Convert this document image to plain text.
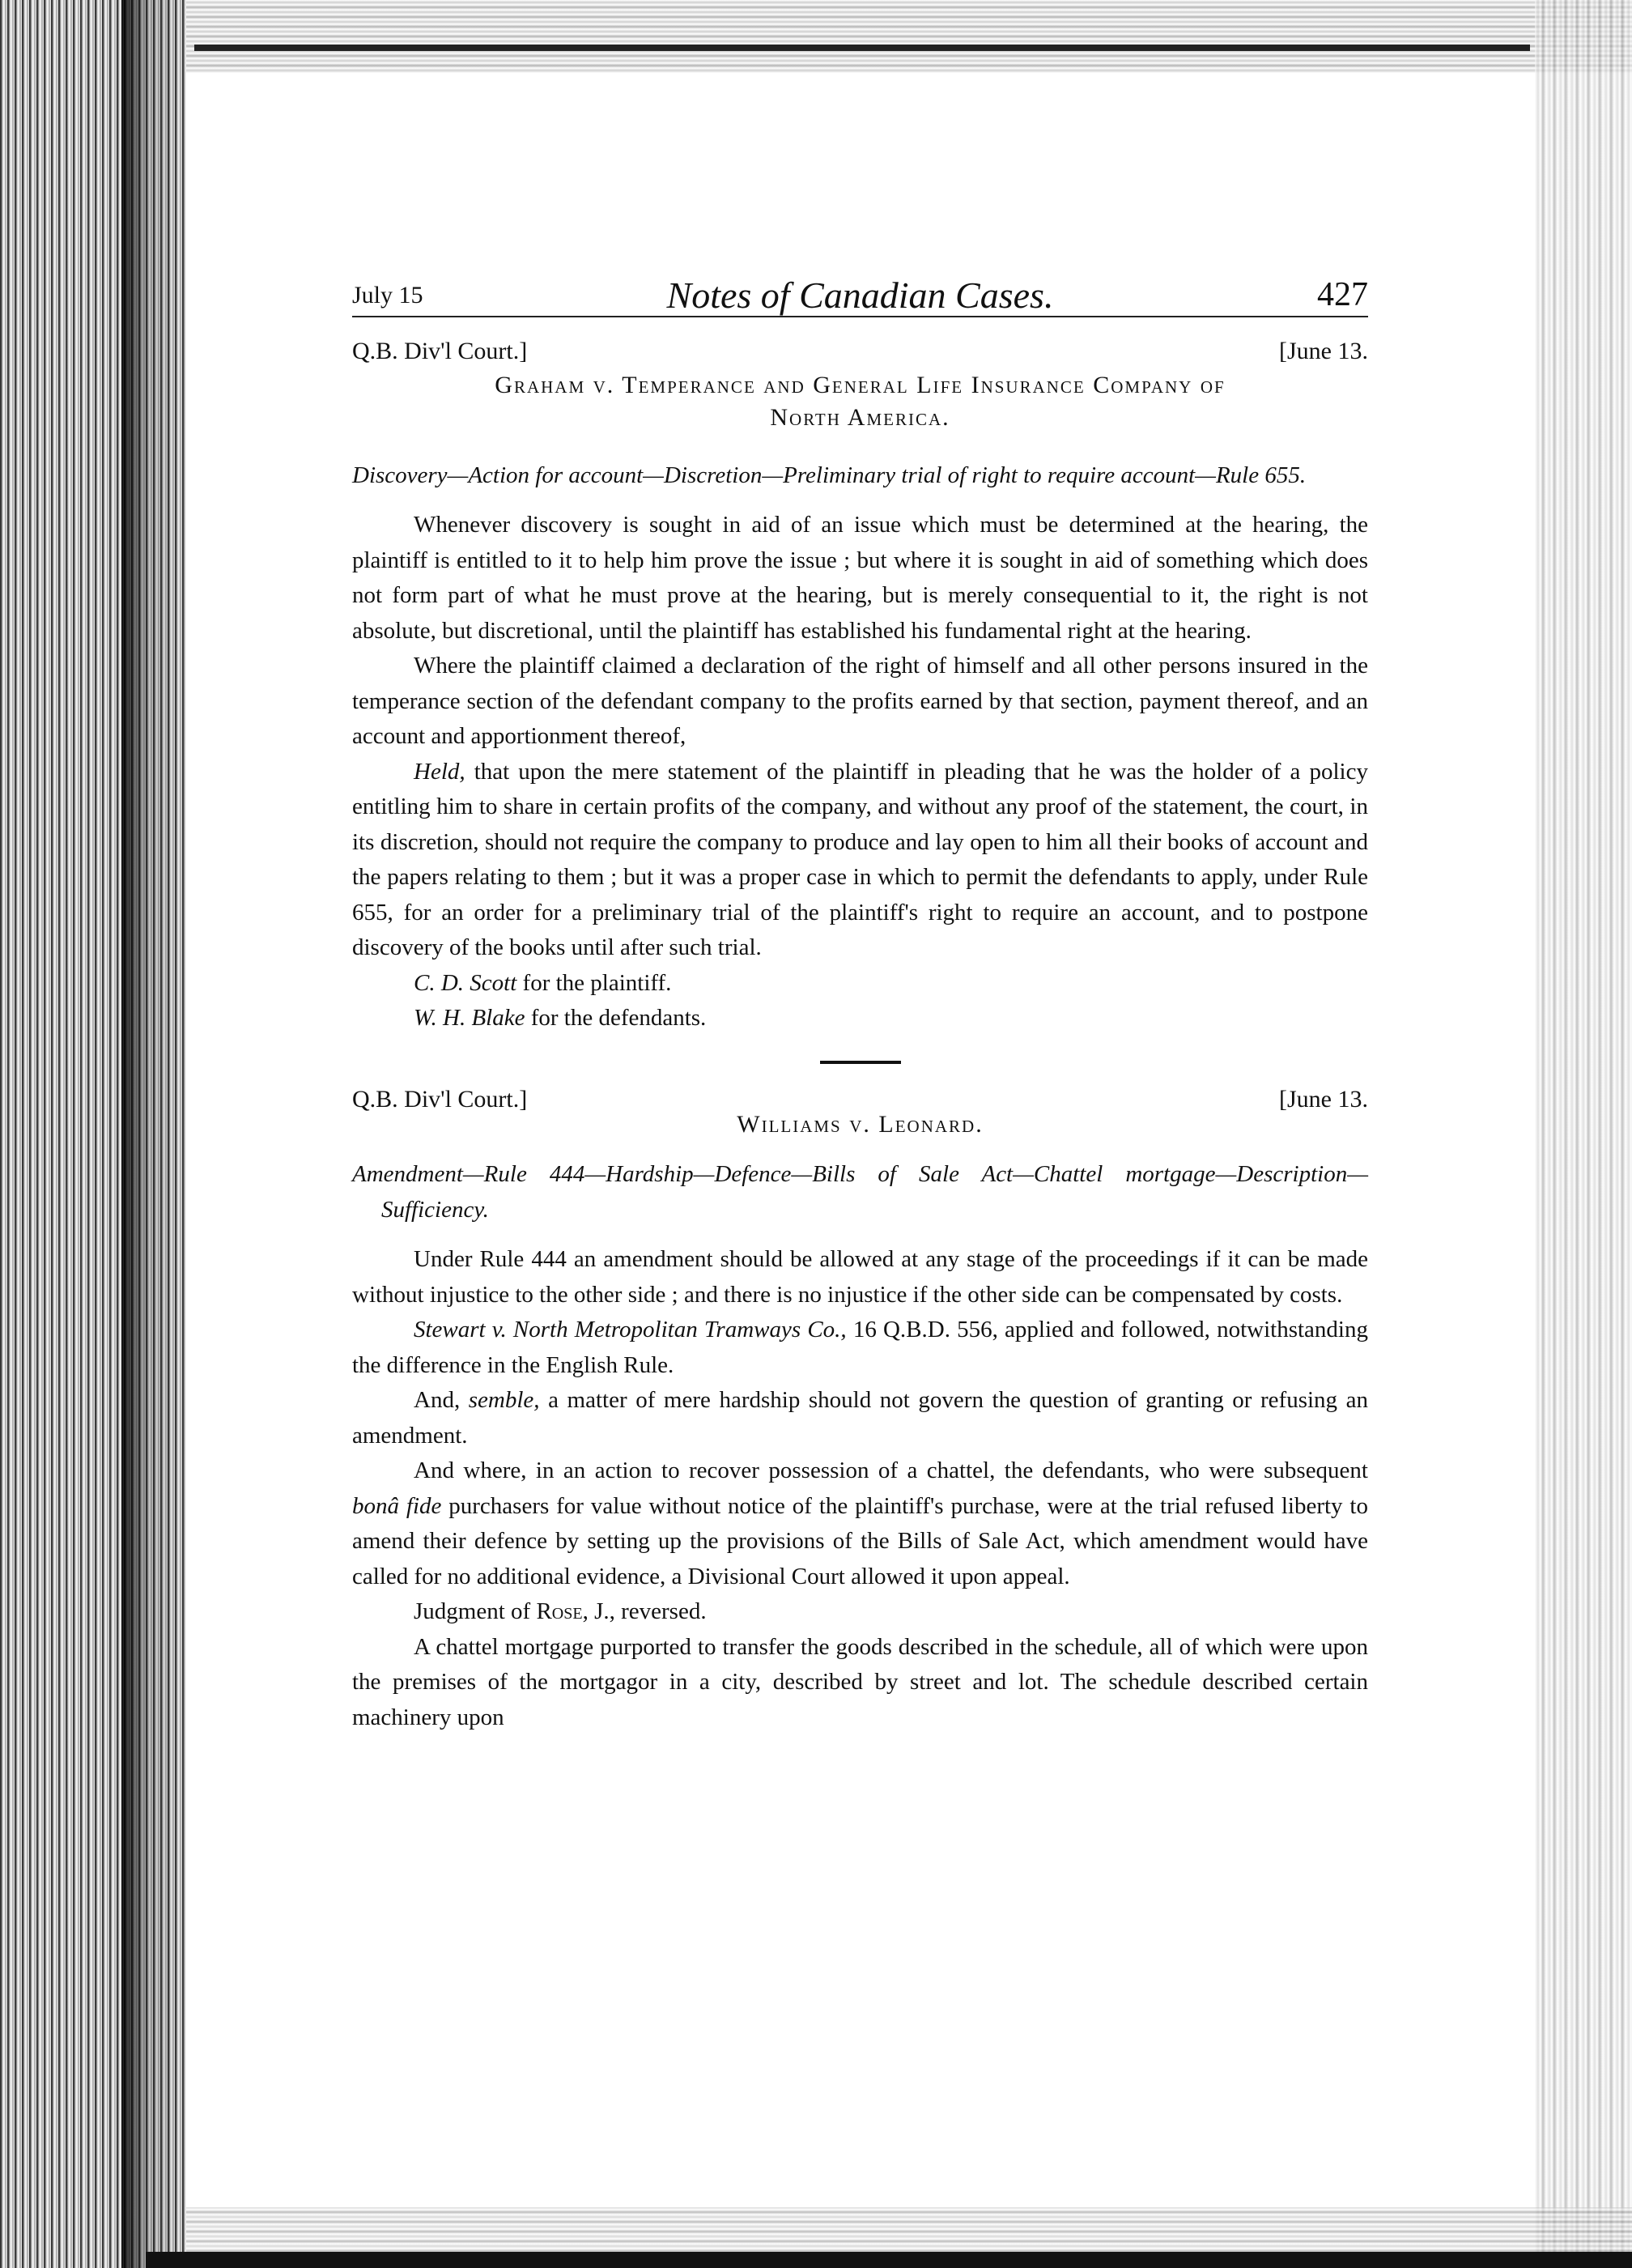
July 15	Notes of Canadian Cases.	427
Q.B. Div'l Court.]	[June 13.
Graham v. Temperance and General Life Insurance Company of
North America.
Discovery—Action for account—Discretion—Preliminary trial of right to require account—Rule 655.

Whenever discovery is sought in aid of an issue which must be determined at the hearing, the plaintiff is entitled to it to help him prove the issue ; but where it is sought in aid of something which does not form part of what he must prove at the hearing, but is merely consequential to it, the right is not absolute, but discretional, until the plaintiff has established his fundamental right at the hearing.

Where the plaintiff claimed a declaration of the right of himself and all other persons insured in the temperance section of the defendant company to the profits earned by that section, payment thereof, and an account and apportionment thereof,

Held, that upon the mere statement of the plaintiff in pleading that he was the holder of a policy entitling him to share in certain profits of the company, and without any proof of the statement, the court, in its discretion, should not require the company to produce and lay open to him all their books of account and the papers relating to them ; but it was a proper case in which to permit the defendants to apply, under Rule 655, for an order for a preliminary trial of the plaintiff's right to require an account, and to postpone discovery of the books until after such trial.

C. D. Scott for the plaintiff.

W. H. Blake for the defendants.

Q.B. Div'l Court.]	[June 13.
Williams v. Leonard.
Amendment—Rule 444—Hardship—Defence—Bills of Sale Act—Chattel mortgage—Description—Sufficiency.

Under Rule 444 an amendment should be allowed at any stage of the proceedings if it can be made without injustice to the other side ; and there is no injustice if the other side can be compensated by costs.

Stewart v. North Metropolitan Tramways Co., 16 Q.B.D. 556, applied and followed, notwithstanding the difference in the English Rule.

And, semble, a matter of mere hardship should not govern the question of granting or refusing an amendment.

And where, in an action to recover possession of a chattel, the defendants, who were subsequent bonâ fide purchasers for value without notice of the plaintiff's purchase, were at the trial refused liberty to amend their defence by setting up the provisions of the Bills of Sale Act, which amendment would have called for no additional evidence, a Divisional Court allowed it upon appeal.

Judgment of Rose, J., reversed.

A chattel mortgage purported to transfer the goods described in the schedule, all of which were upon the premises of the mortgagor in a city, described by street and lot. The schedule described certain machinery upon
